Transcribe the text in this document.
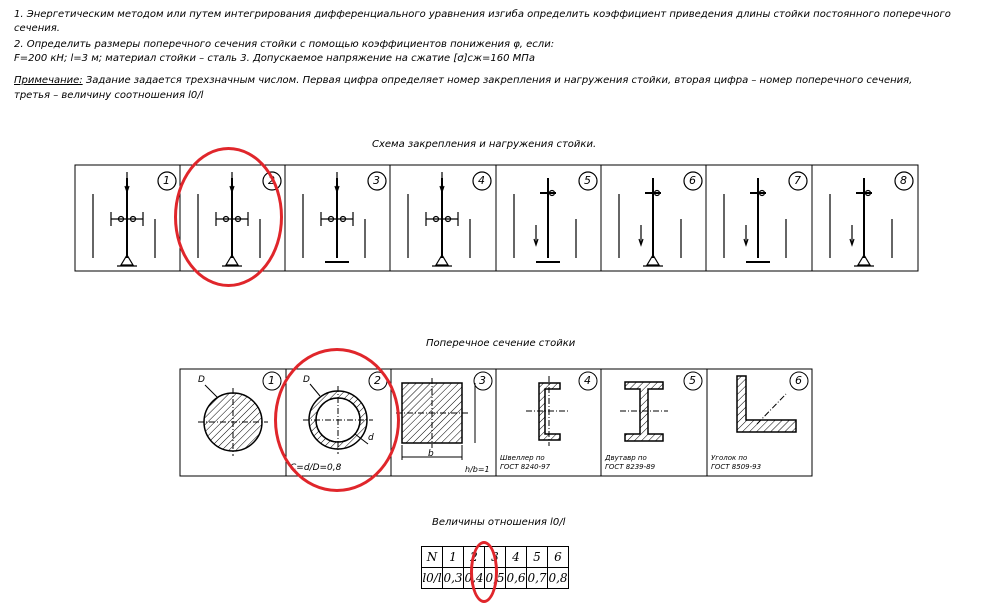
1. Энергетическим методом или путем интегрирования дифференциального уравнения изгиба определить коэффициент приведения длины стойки постоянного поперечного
сечения.
2. Определить размеры поперечного сечения стойки с помощью коэффициентов понижения φ, если:
F=200 кН; l=3 м; материал стойки – сталь 3. Допускаемое напряжение на сжатие [σ]сж=160 МПа
Примечание: Задание задается трехзначным числом. Первая цифра определяет номер закрепления и нагружения стойки, вторая цифра – номер поперечного сечения,
третья – величину соотношения l0/l
Схема закрепления и нагружения стойки.
1	2	3	4	5	6	7	8
1	2	3	4	5	6
Поперечное сечение стойки
D	D
d
C=d/D=0,8
b
h/b=1
Швеллер по
ГОСТ 8240-97
Двутавр по
ГОСТ 8239-89
Уголок по
ГОСТ 8509-93
Величины отношения l0/l
N	1	2	3	4	5	6
l0/l	0,3	0,4	0,5	0,6	0,7	0,8
